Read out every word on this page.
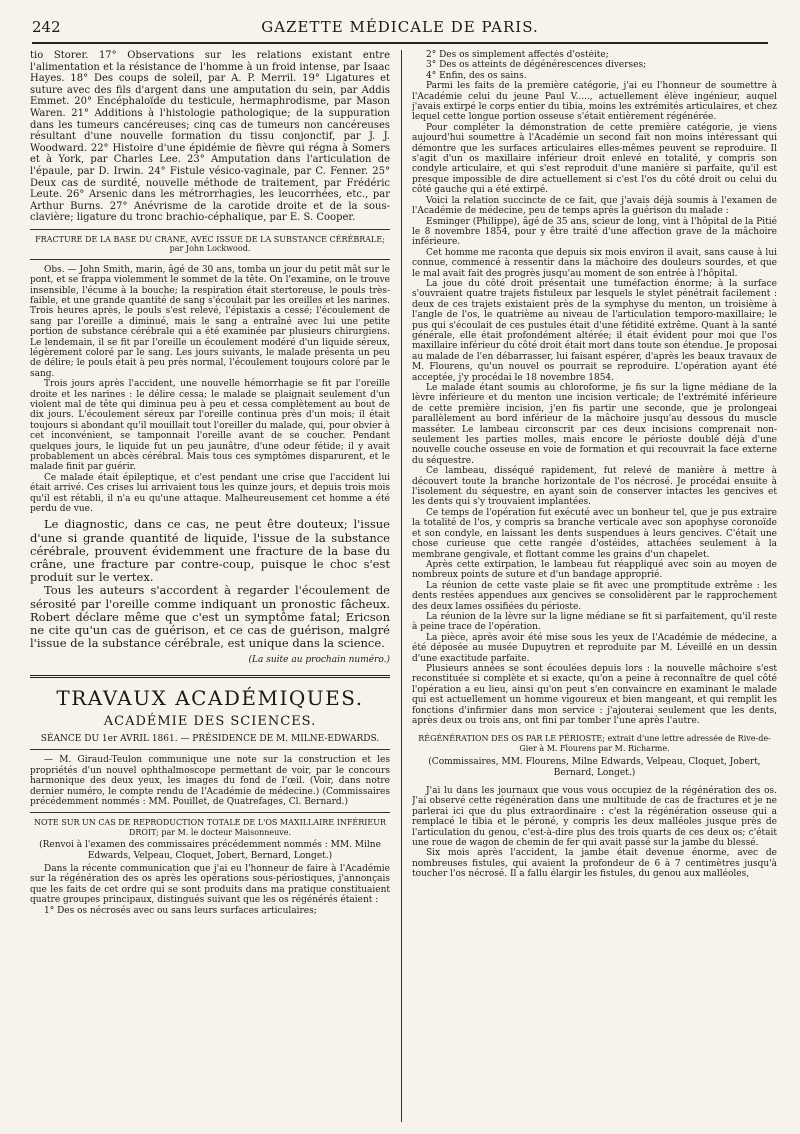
242	GAZETTE MÉDICALE DE PARIS.

tio Storer. 17° Observations sur les relations existant entre l'alimentation et la résistance de l'homme à un froid intense, par Isaac Hayes. 18° Des coups de soleil, par A. P. Merril. 19° Ligatures et suture avec des fils d'argent dans une amputation du sein, par Addis Emmet. 20° Encéphaloïde du testicule, hermaphrodisme, par Mason Waren. 21° Additions à l'histologie pathologique; de la suppuration dans les tumeurs cancéreuses; cinq cas de tumeurs non cancéreuses résultant d'une nouvelle formation du tissu conjonctif, par J. J. Woodward. 22° Histoire d'une épidémie de fièvre qui régna à Somers et à York, par Charles Lee. 23° Amputation dans l'articulation de l'épaule, par D. Irwin. 24° Fistule vésico-vaginale, par C. Fenner. 25° Deux cas de surdité, nouvelle méthode de traitement, par Frédéric Leute. 26° Arsenic dans les métrorrhagies, les leucorrhées, etc., par Arthur Burns. 27° Anévrisme de la carotide droite et de la sous-clavière; ligature du tronc brachio-céphalique, par E. S. Cooper.

FRACTURE DE LA BASE DU CRANE, AVEC ISSUE DE LA SUBSTANCE CÉRÉBRALE; par John Lockwood.

Obs. — John Smith, marin, âgé de 30 ans, tomba un jour du petit mât sur le pont, et se frappa violemment le sommet de la tête. On l'examine, on le trouve insensible, l'écume à la bouche; la respiration était stertoreuse, le pouls très-faible, et une grande quantité de sang s'écoulait par les oreilles et les narines. Trois heures après, le pouls s'est relevé, l'épistaxis a cessé; l'écoulement de sang par l'oreille a diminué, mais le sang a entraîné avec lui une petite portion de substance cérébrale qui a été examinée par plusieurs chirurgiens. Le lendemain, il se fit par l'oreille un écoulement modéré d'un liquide séreux, légèrement coloré par le sang. Les jours suivants, le malade présenta un peu de délire; le pouls était à peu près normal, l'écoulement toujours coloré par le sang.

Trois jours après l'accident, une nouvelle hémorrhagie se fit par l'oreille droite et les narines : le délire cessa; le malade se plaignait seulement d'un violent mal de tête qui diminua peu à peu et cessa complètement au bout de dix jours. L'écoulement séreux par l'oreille continua près d'un mois; il était toujours si abondant qu'il mouillait tout l'oreiller du malade, qui, pour obvier à cet inconvénient, se tamponnait l'oreille avant de se coucher. Pendant quelques jours, le liquide fut un peu jaunâtre, d'une odeur fétide; il y avait probablement un abcès cérébral. Mais tous ces symptômes disparurent, et le malade finit par guérir.

Ce malade était épileptique, et c'est pendant une crise que l'accident lui était arrivé. Ces crises lui arrivaient tous les quinze jours, et depuis trois mois qu'il est rétabli, il n'a eu qu'une attaque. Malheureusement cet homme a été perdu de vue.

Le diagnostic, dans ce cas, ne peut être douteux; l'issue d'une si grande quantité de liquide, l'issue de la substance cérébrale, prouvent évidemment une fracture de la base du crâne, une fracture par contre-coup, puisque le choc s'est produit sur le vertex.

Tous les auteurs s'accordent à regarder l'écoulement de sérosité par l'oreille comme indiquant un pronostic fâcheux. Robert déclare même que c'est un symptôme fatal; Ericson ne cite qu'un cas de guérison, et ce cas de guérison, malgré l'issue de la substance cérébrale, est unique dans la science.

(La suite au prochain numéro.)

TRAVAUX ACADÉMIQUES.
ACADÉMIE DES SCIENCES.

SÉANCE DU 1er AVRIL 1861. — PRÉSIDENCE DE M. MILNE-EDWARDS.

— M. Giraud-Teulon communique une note sur la construction et les propriétés d'un nouvel ophthalmoscope permettant de voir, par le concours harmonique des deux yeux, les images du fond de l'œil. (Voir, dans notre dernier numéro, le compte rendu de l'Académie de médecine.) (Commissaires précédemment nommés : MM. Pouillet, de Quatrefages, Cl. Bernard.)

NOTE SUR UN CAS DE REPRODUCTION TOTALE DE L'OS MAXILLAIRE INFÉRIEUR DROIT; par M. le docteur Maisonneuve.

(Renvoi à l'examen des commissaires précédemment nommés : MM. Milne Edwards, Velpeau, Cloquet, Jobert, Bernard, Longet.)

Dans la récente communication que j'ai eu l'honneur de faire à l'Académie sur la régénération des os après les opérations sous-périostiques, j'annonçais que les faits de cet ordre qui se sont produits dans ma pratique constituaient quatre groupes principaux, distingués suivant que les os régénérés étaient :

1° Des os nécrosés avec ou sans leurs surfaces articulaires;

2° Des os simplement affectés d'ostéite;

3° Des os atteints de dégénérescences diverses;

4° Enfin, des os sains.

Parmi les faits de la première catégorie, j'ai eu l'honneur de soumettre à l'Académie celui du jeune Paul V....., actuellement élève ingénieur, auquel j'avais extirpé le corps entier du tibia, moins les extrémités articulaires, et chez lequel cette longue portion osseuse s'était entièrement régénérée.

Pour compléter la démonstration de cette première catégorie, je viens aujourd'hui soumettre à l'Académie un second fait non moins intéressant qui démontre que les surfaces articulaires elles-mêmes peuvent se reproduire. Il s'agit d'un os maxillaire inférieur droit enlevé en totalité, y compris son condyle articulaire, et qui s'est reproduit d'une manière si parfaite, qu'il est presque impossible de dire actuellement si c'est l'os du côté droit ou celui du côté gauche qui a été extirpé.

Voici la relation succincte de ce fait, que j'avais déjà soumis à l'examen de l'Académie de médecine, peu de temps après la guérison du malade :

Esminger (Philippe), âgé de 35 ans, scieur de long, vint à l'hôpital de la Pitié le 8 novembre 1854, pour y être traité d'une affection grave de la mâchoire inférieure.

Cet homme me raconta que depuis six mois environ il avait, sans cause à lui connue, commencé à ressentir dans la mâchoire des douleurs sourdes, et que le mal avait fait des progrès jusqu'au moment de son entrée à l'hôpital.

La joue du côté droit présentait une tuméfaction énorme; à la surface s'ouvraient quatre trajets fistuleux par lesquels le stylet pénétrait facilement : deux de ces trajets existaient près de la symphyse du menton, un troisième à l'angle de l'os, le quatrième au niveau de l'articulation temporo-maxillaire; le pus qui s'écoulait de ces pustules était d'une fétidité extrême. Quant à la santé générale, elle était profondément altérée; il était évident pour moi que l'os maxillaire inférieur du côté droit était mort dans toute son étendue. Je proposai au malade de l'en débarrasser, lui faisant espérer, d'après les beaux travaux de M. Flourens, qu'un nouvel os pourrait se reproduire. L'opération ayant été acceptée, j'y procédai le 18 novembre 1854.

Le malade étant soumis au chloroforme, je fis sur la ligne médiane de la lèvre inférieure et du menton une incision verticale; de l'extrémité inférieure de cette première incision, j'en fis partir une seconde, que je prolongeai parallèlement au bord inférieur de la mâchoire jusqu'au dessous du muscle masséter. Le lambeau circonscrit par ces deux incisions comprenait non-seulement les parties molles, mais encore le périoste doublé déjà d'une nouvelle couche osseuse en voie de formation et qui recouvrait la face externe du séquestre.

Ce lambeau, disséqué rapidement, fut relevé de manière à mettre à découvert toute la branche horizontale de l'os nécrosé. Je procédai ensuite à l'isolement du séquestre, en ayant soin de conserver intactes les gencives et les dents qui s'y trouvaient implantées.

Ce temps de l'opération fut exécuté avec un bonheur tel, que je pus extraire la totalité de l'os, y compris sa branche verticale avec son apophyse coronoïde et son condyle, en laissant les dents suspendues à leurs gencives. C'était une chose curieuse que cette rangée d'ostéides, attachées seulement à la membrane gengivale, et flottant comme les grains d'un chapelet.

Après cette extirpation, le lambeau fut réappliqué avec soin au moyen de nombreux points de suture et d'un bandage approprié.

La réunion de cette vaste plaie se fit avec une promptitude extrême : les dents restées appendues aux gencives se consolidèrent par le rapprochement des deux lames ossifiées du périoste.

La réunion de la lèvre sur la ligne médiane se fit si parfaitement, qu'il reste à peine trace de l'opération.

La pièce, après avoir été mise sous les yeux de l'Académie de médecine, a été déposée au musée Dupuytren et reproduite par M. Léveillé en un dessin d'une exactitude parfaite.

Plusieurs années se sont écoulées depuis lors : la nouvelle mâchoire s'est reconstituée si complète et si exacte, qu'on a peine à reconnaître de quel côté l'opération a eu lieu, ainsi qu'on peut s'en convaincre en examinant le malade qui est actuellement un homme vigoureux et bien mangeant, et qui remplit les fonctions d'infirmier dans mon service : j'ajouterai seulement que les dents, après deux ou trois ans, ont fini par tomber l'une après l'autre.

RÉGÉNÉRATION DES OS PAR LE PÉRIOSTE; extrait d'une lettre adressée de Rive-de-Gier à M. Flourens par M. Richarme.

(Commissaires, MM. Flourens, Milne Edwards, Velpeau, Cloquet, Jobert, Bernard, Longet.)

J'ai lu dans les journaux que vous vous occupiez de la régénération des os. J'ai observé cette régénération dans une multitude de cas de fractures et je ne parlerai ici que du plus extraordinaire : c'est la régénération osseuse qui a remplacé le tibia et le péroné, y compris les deux malléoles jusque près de l'articulation du genou, c'est-à-dire plus des trois quarts de ces deux os; c'était une roue de wagon de chemin de fer qui avait passé sur la jambe du blessé.

Six mois après l'accident, la jambe était devenue énorme, avec de nombreuses fistules, qui avaient la profondeur de 6 à 7 centimètres jusqu'à toucher l'os nécrosé. Il a fallu élargir les fistules, du genou aux malléoles,
